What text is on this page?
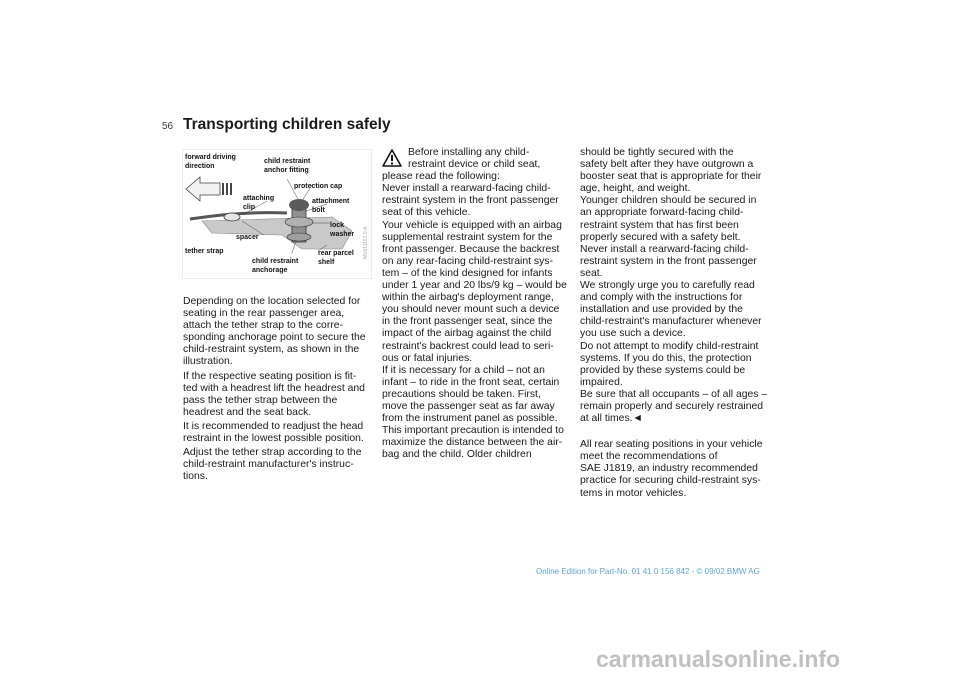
56 Transporting children safely
forward driving
direction
child restraint
anchor fitting
protection cap
attaching
clip
attachment
bolt
lock
washer
spacer
tether strap
child restraint
anchorage
rear parcel
shelf
MV011151.9.A

Depending on the location selected for
seating in the rear passenger area,
attach the tether strap to the corre-
sponding anchorage point to secure the
child-restraint system, as shown in the
illustration.

If the respective seating position is fit-
ted with a headrest lift the headrest and
pass the tether strap between the
headrest and the seat back.

It is recommended to readjust the head
restraint in the lowest possible position.

Adjust the tether strap according to the
child-restraint manufacturer's instruc-
tions.

Before installing any child-
restraint device or child seat,
please read the following:
Never install a rearward-facing child-
restraint system in the front passenger
seat of this vehicle.
Your vehicle is equipped with an airbag
supplemental restraint system for the
front passenger. Because the backrest
on any rear-facing child-restraint sys-
tem – of the kind designed for infants
under 1 year and 20 lbs/9 kg – would be
within the airbag's deployment range,
you should never mount such a device
in the front passenger seat, since the
impact of the airbag against the child
restraint's backrest could lead to seri-
ous or fatal injuries.
If it is necessary for a child – not an
infant – to ride in the front seat, certain
precautions should be taken. First,
move the passenger seat as far away
from the instrument panel as possible.
This important precaution is intended to
maximize the distance between the air-
bag and the child. Older children

should be tightly secured with the
safety belt after they have outgrown a
booster seat that is appropriate for their
age, height, and weight.
Younger children should be secured in
an appropriate forward-facing child-
restraint system that has first been
properly secured with a safety belt.
Never install a rearward-facing child-
restraint system in the front passenger
seat.
We strongly urge you to carefully read
and comply with the instructions for
installation and use provided by the
child-restraint's manufacturer whenever
you use such a device.
Do not attempt to modify child-restraint
systems. If you do this, the protection
provided by these systems could be
impaired.
Be sure that all occupants – of all ages –
remain properly and securely restrained
at all times.◄

All rear seating positions in your vehicle
meet the recommendations of
SAE J1819, an industry recommended
practice for securing child-restraint sys-
tems in motor vehicles.

Online Edition for Part-No. 01 41 0 156 842 - © 09/02 BMW AG
carmanualsonline.info
